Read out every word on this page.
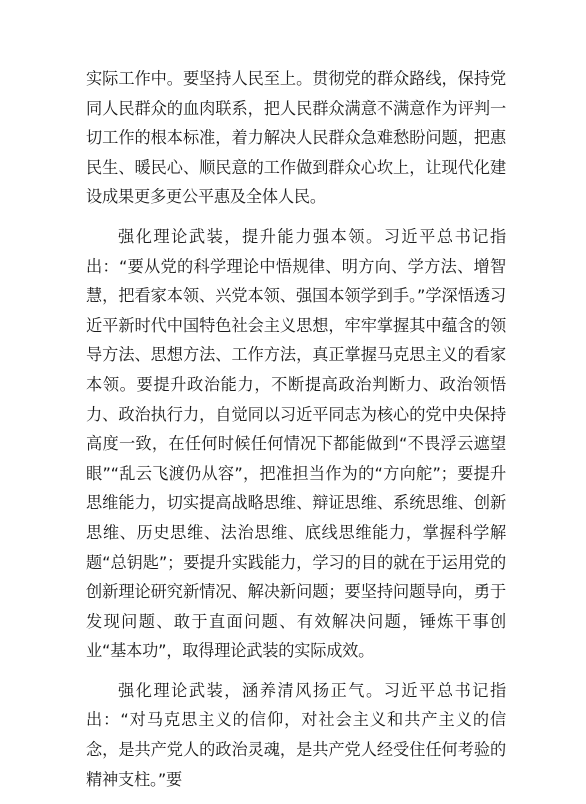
实际工作中。要坚持人民至上。贯彻党的群众路线，保持党同人民群众的血肉联系，把人民群众满意不满意作为评判一切工作的根本标准，着力解决人民群众急难愁盼问题，把惠民生、暖民心、顺民意的工作做到群众心坎上，让现代化建设成果更多更公平惠及全体人民。

强化理论武装，提升能力强本领。习近平总书记指出：“要从党的科学理论中悟规律、明方向、学方法、增智慧，把看家本领、兴党本领、强国本领学到手。”学深悟透习近平新时代中国特色社会主义思想，牢牢掌握其中蕴含的领导方法、思想方法、工作方法，真正掌握马克思主义的看家本领。要提升政治能力，不断提高政治判断力、政治领悟力、政治执行力，自觉同以习近平同志为核心的党中央保持高度一致，在任何时候任何情况下都能做到“不畏浮云遮望眼”“乱云飞渡仍从容”，把准担当作为的“方向舵”；要提升思维能力，切实提高战略思维、辩证思维、系统思维、创新思维、历史思维、法治思维、底线思维能力，掌握科学解题“总钥匙”；要提升实践能力，学习的目的就在于运用党的创新理论研究新情况、解决新问题；要坚持问题导向，勇于发现问题、敢于直面问题、有效解决问题，锤炼干事创业“基本功”，取得理论武装的实际成效。

强化理论武装，涵养清风扬正气。习近平总书记指出：“对马克思主义的信仰，对社会主义和共产主义的信念，是共产党人的政治灵魂，是共产党人经受住任何考验的精神支柱。”要
